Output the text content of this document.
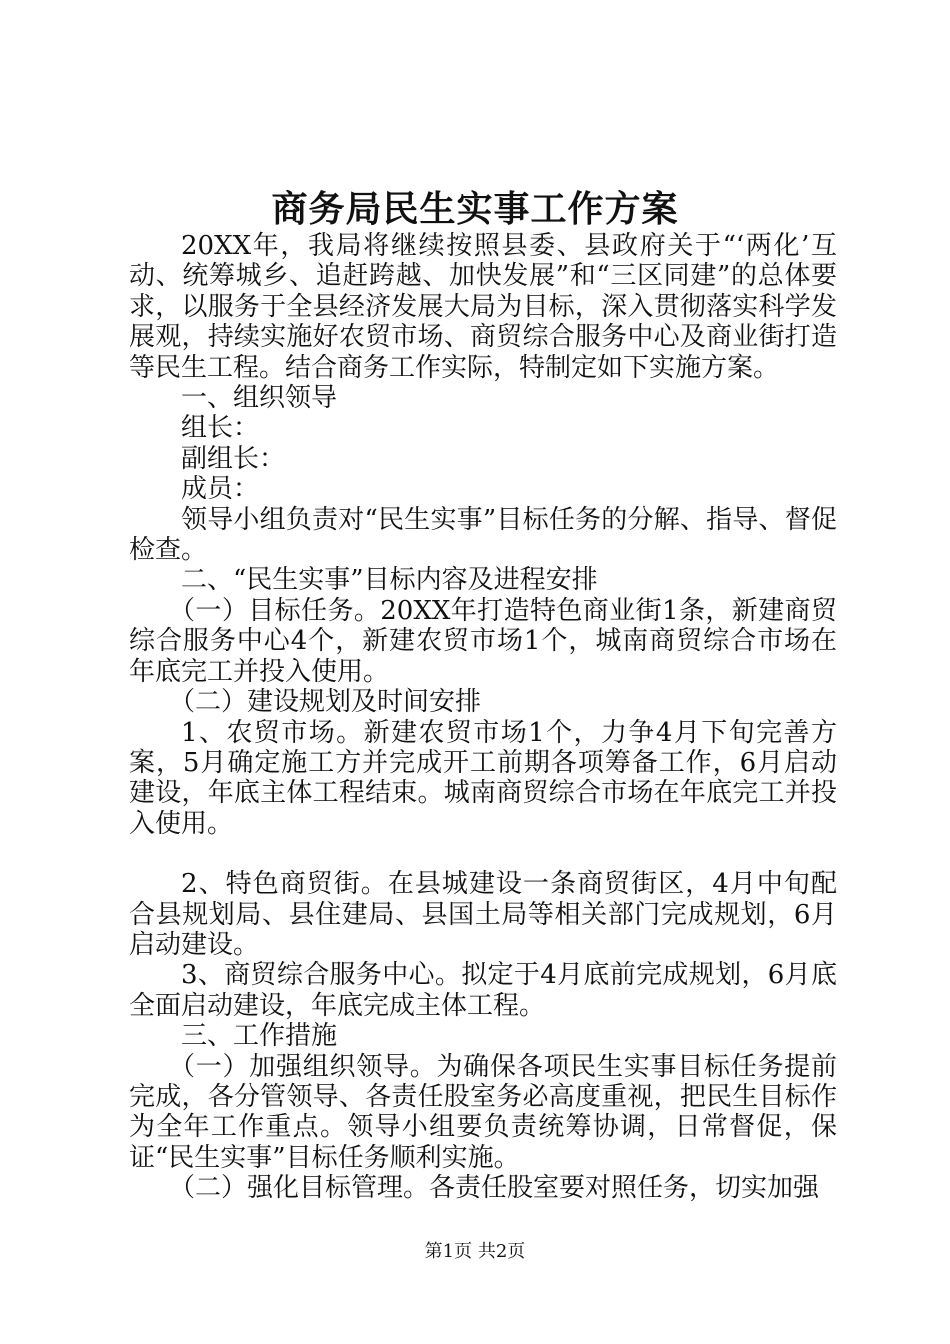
商务局民生实事工作方案

20XX年，我局将继续按照县委、县政府关于“‘两化’互动、统筹城乡、追赶跨越、加快发展”和“三区同建”的总体要求，以服务于全县经济发展大局为目标，深入贯彻落实科学发展观，持续实施好农贸市场、商贸综合服务中心及商业街打造等民生工程。结合商务工作实际，特制定如下实施方案。

一、组织领导

组长：

副组长：

成员：

领导小组负责对“民生实事”目标任务的分解、指导、督促检查。

二、“民生实事”目标内容及进程安排

（一）目标任务。20XX年打造特色商业街1条，新建商贸综合服务中心4个，新建农贸市场1个，城南商贸综合市场在年底完工并投入使用。

（二）建设规划及时间安排

1、农贸市场。新建农贸市场1个，力争4月下旬完善方案，5月确定施工方并完成开工前期各项筹备工作，6月启动建设，年底主体工程结束。城南商贸综合市场在年底完工并投入使用。

2、特色商贸街。在县城建设一条商贸街区，4月中旬配合县规划局、县住建局、县国土局等相关部门完成规划，6月启动建设。

3、商贸综合服务中心。拟定于4月底前完成规划，6月底全面启动建设，年底完成主体工程。

三、工作措施

（一）加强组织领导。为确保各项民生实事目标任务提前完成，各分管领导、各责任股室务必高度重视，把民生目标作为全年工作重点。领导小组要负责统筹协调，日常督促，保证“民生实事”目标任务顺利实施。

（二）强化目标管理。各责任股室要对照任务，切实加强

第1页 共2页
